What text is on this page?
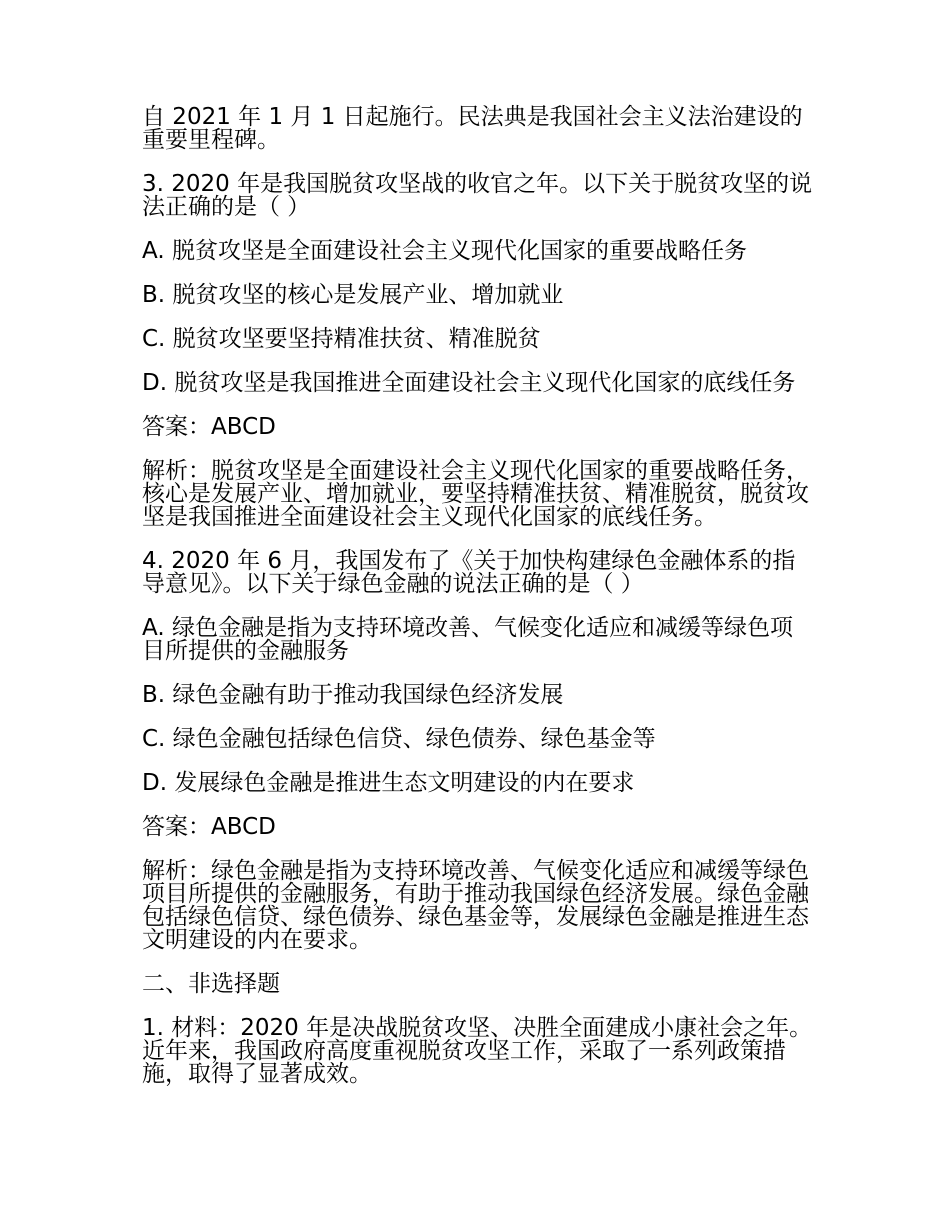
自 2021 年 1 月 1 日起施行。民法典是我国社会主义法治建设的重要里程碑。

3. 2020 年是我国脱贫攻坚战的收官之年。以下关于脱贫攻坚的说法正确的是（ ）

A. 脱贫攻坚是全面建设社会主义现代化国家的重要战略任务

B. 脱贫攻坚的核心是发展产业、增加就业

C. 脱贫攻坚要坚持精准扶贫、精准脱贫

D. 脱贫攻坚是我国推进全面建设社会主义现代化国家的底线任务

答案：ABCD

解析：脱贫攻坚是全面建设社会主义现代化国家的重要战略任务，核心是发展产业、增加就业，要坚持精准扶贫、精准脱贫，脱贫攻坚是我国推进全面建设社会主义现代化国家的底线任务。

4. 2020 年 6 月，我国发布了《关于加快构建绿色金融体系的指导意见》。以下关于绿色金融的说法正确的是（ ）

A. 绿色金融是指为支持环境改善、气候变化适应和减缓等绿色项目所提供的金融服务

B. 绿色金融有助于推动我国绿色经济发展

C. 绿色金融包括绿色信贷、绿色债券、绿色基金等

D. 发展绿色金融是推进生态文明建设的内在要求

答案：ABCD

解析：绿色金融是指为支持环境改善、气候变化适应和减缓等绿色项目所提供的金融服务，有助于推动我国绿色经济发展。绿色金融包括绿色信贷、绿色债券、绿色基金等，发展绿色金融是推进生态文明建设的内在要求。

二、非选择题

1. 材料：2020 年是决战脱贫攻坚、决胜全面建成小康社会之年。近年来，我国政府高度重视脱贫攻坚工作，采取了一系列政策措施，取得了显著成效。
